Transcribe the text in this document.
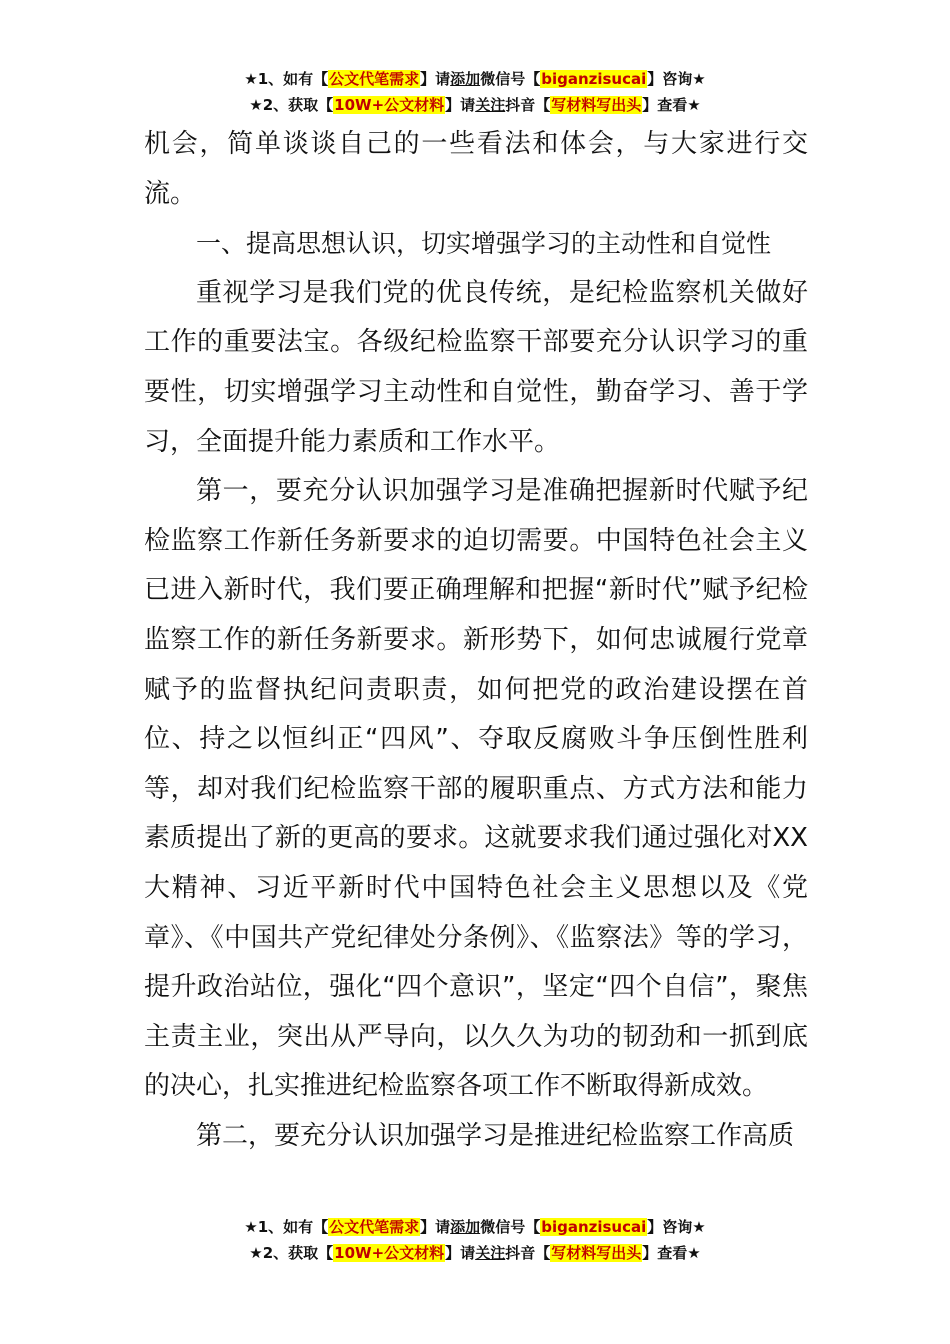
★1、如有【公文代笔需求】请添加微信号【biganzisucai】咨询★
★2、获取【10W+公文材料】请关注抖音【写材料写出头】查看★

机会，简单谈谈自己的一些看法和体会，与大家进行交流。

一、提高思想认识，切实增强学习的主动性和自觉性

重视学习是我们党的优良传统，是纪检监察机关做好工作的重要法宝。各级纪检监察干部要充分认识学习的重要性，切实增强学习主动性和自觉性，勤奋学习、善于学习，全面提升能力素质和工作水平。

第一，要充分认识加强学习是准确把握新时代赋予纪检监察工作新任务新要求的迫切需要。中国特色社会主义已进入新时代，我们要正确理解和把握“新时代”赋予纪检监察工作的新任务新要求。新形势下，如何忠诚履行党章赋予的监督执纪问责职责，如何把党的政治建设摆在首位、持之以恒纠正“四风”、夺取反腐败斗争压倒性胜利等，却对我们纪检监察干部的履职重点、方式方法和能力素质提出了新的更高的要求。这就要求我们通过强化对XX大精神、习近平新时代中国特色社会主义思想以及《党章》、《中国共产党纪律处分条例》、《监察法》等的学习，提升政治站位，强化“四个意识”，坚定“四个自信”，聚焦主责主业，突出从严导向，以久久为功的韧劲和一抓到底的决心，扎实推进纪检监察各项工作不断取得新成效。

第二，要充分认识加强学习是推进纪检监察工作高质

★1、如有【公文代笔需求】请添加微信号【biganzisucai】咨询★
★2、获取【10W+公文材料】请关注抖音【写材料写出头】查看★
